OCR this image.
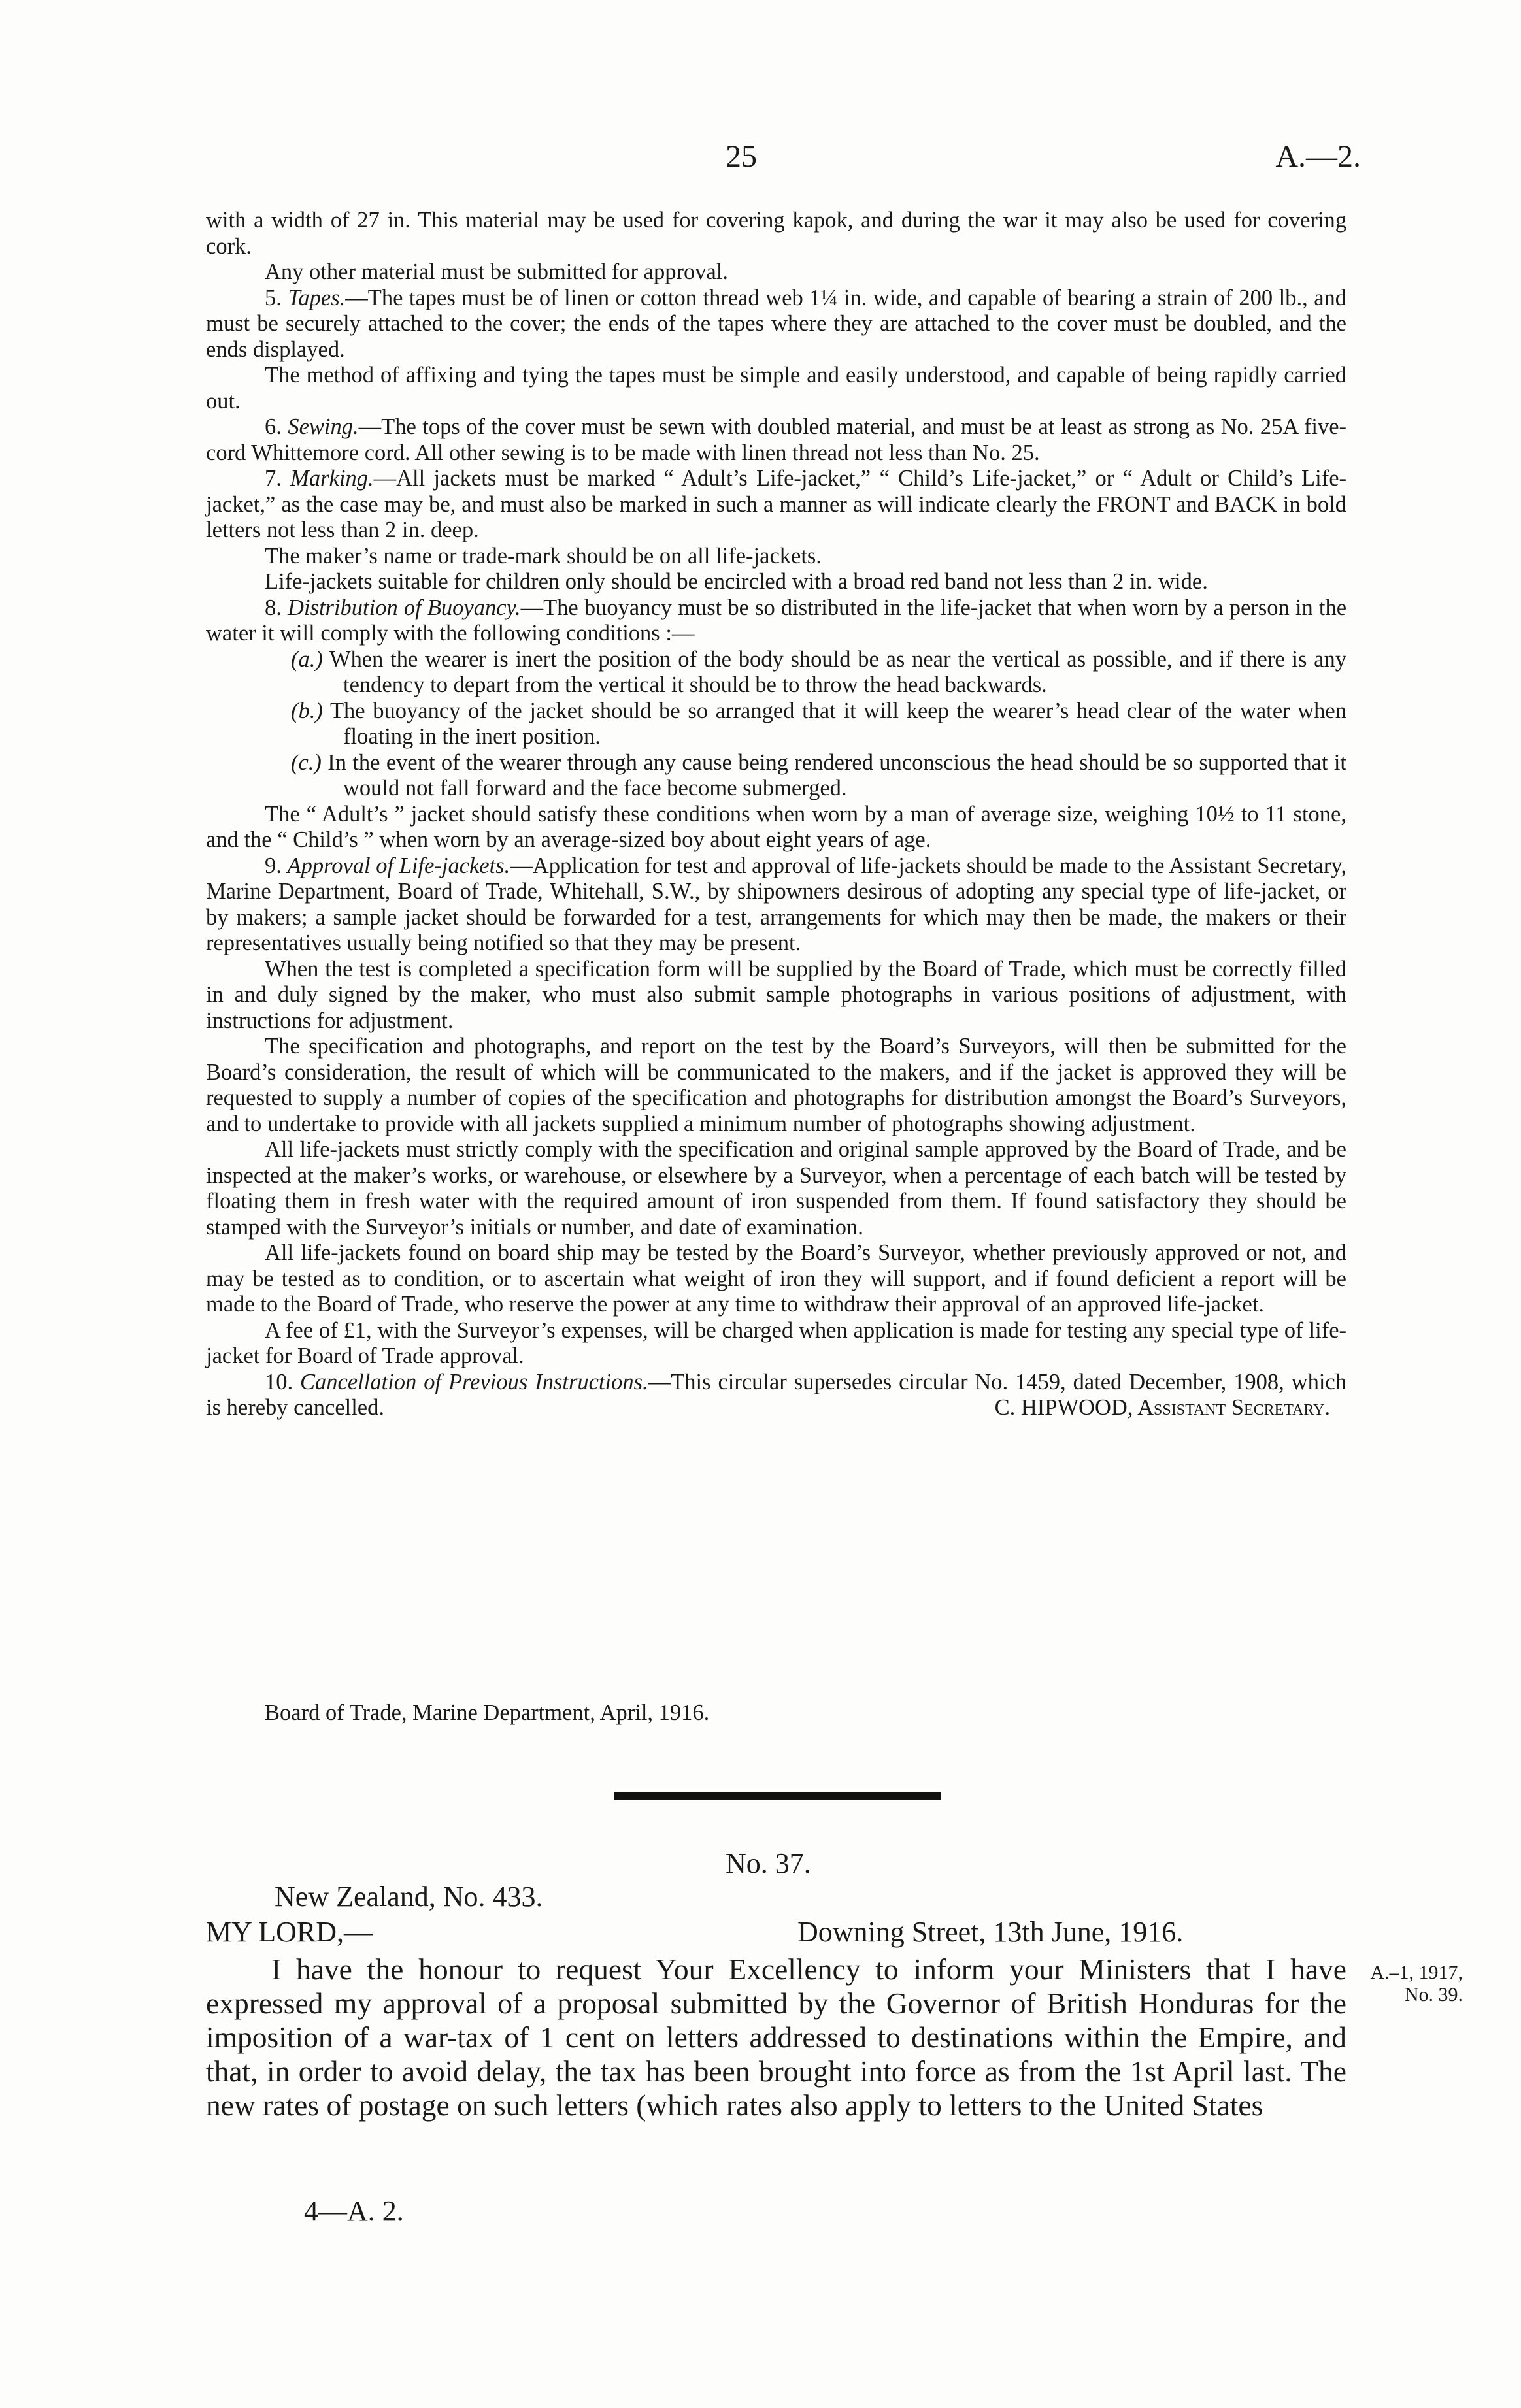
25	A.—2.

with a width of 27 in. This material may be used for covering kapok, and during the war it may also be used for covering cork.

Any other material must be submitted for approval.

5. Tapes.—The tapes must be of linen or cotton thread web 1¼ in. wide, and capable of bearing a strain of 200 lb., and must be securely attached to the cover; the ends of the tapes where they are attached to the cover must be doubled, and the ends displayed.

The method of affixing and tying the tapes must be simple and easily understood, and capable of being rapidly carried out.

6. Sewing.—The tops of the cover must be sewn with doubled material, and must be at least as strong as No. 25A five-cord Whittemore cord. All other sewing is to be made with linen thread not less than No. 25.

7. Marking.—All jackets must be marked “ Adult’s Life-jacket,” “ Child’s Life-jacket,” or “ Adult or Child’s Life-jacket,” as the case may be, and must also be marked in such a manner as will indicate clearly the FRONT and BACK in bold letters not less than 2 in. deep.

The maker’s name or trade-mark should be on all life-jackets.

Life-jackets suitable for children only should be encircled with a broad red band not less than 2 in. wide.

8. Distribution of Buoyancy.—The buoyancy must be so distributed in the life-jacket that when worn by a person in the water it will comply with the following conditions :—

(a.) When the wearer is inert the position of the body should be as near the vertical as possible, and if there is any tendency to depart from the vertical it should be to throw the head backwards.

(b.) The buoyancy of the jacket should be so arranged that it will keep the wearer’s head clear of the water when floating in the inert position.

(c.) In the event of the wearer through any cause being rendered unconscious the head should be so supported that it would not fall forward and the face become submerged.

The “ Adult’s ” jacket should satisfy these conditions when worn by a man of average size, weighing 10½ to 11 stone, and the “ Child’s ” when worn by an average-sized boy about eight years of age.

9. Approval of Life-jackets.—Application for test and approval of life-jackets should be made to the Assistant Secretary, Marine Department, Board of Trade, Whitehall, S.W., by shipowners desirous of adopting any special type of life-jacket, or by makers; a sample jacket should be forwarded for a test, arrangements for which may then be made, the makers or their representatives usually being notified so that they may be present.

When the test is completed a specification form will be supplied by the Board of Trade, which must be correctly filled in and duly signed by the maker, who must also submit sample photographs in various positions of adjustment, with instructions for adjustment.

The specification and photographs, and report on the test by the Board’s Surveyors, will then be submitted for the Board’s consideration, the result of which will be communicated to the makers, and if the jacket is approved they will be requested to supply a number of copies of the specification and photographs for distribution amongst the Board’s Surveyors, and to undertake to provide with all jackets supplied a minimum number of photographs showing adjustment.

All life-jackets must strictly comply with the specification and original sample approved by the Board of Trade, and be inspected at the maker’s works, or warehouse, or elsewhere by a Surveyor, when a percentage of each batch will be tested by floating them in fresh water with the required amount of iron suspended from them. If found satisfactory they should be stamped with the Surveyor’s initials or number, and date of examination.

All life-jackets found on board ship may be tested by the Board’s Surveyor, whether previously approved or not, and may be tested as to condition, or to ascertain what weight of iron they will support, and if found deficient a report will be made to the Board of Trade, who reserve the power at any time to withdraw their approval of an approved life-jacket.

A fee of £1, with the Surveyor’s expenses, will be charged when application is made for testing any special type of life-jacket for Board of Trade approval.

10. Cancellation of Previous Instructions.—This circular supersedes circular No. 1459, dated December, 1908, which is hereby cancelled.	C. HIPWOOD, Assistant Secretary.
Board of Trade, Marine Department, April, 1916.
No. 37.
New Zealand, No. 433.
MY LORD,—	Downing Street, 13th June, 1916.

I have the honour to request Your Excellency to inform your Ministers that I have expressed my approval of a proposal submitted by the Governor of British Honduras for the imposition of a war-tax of 1 cent on letters addressed to destinations within the Empire, and that, in order to avoid delay, the tax has been brought into force as from the 1st April last. The new rates of postage on such letters (which rates also apply to letters to the United States

A.–1, 1917,
No. 39.
4—A. 2.
